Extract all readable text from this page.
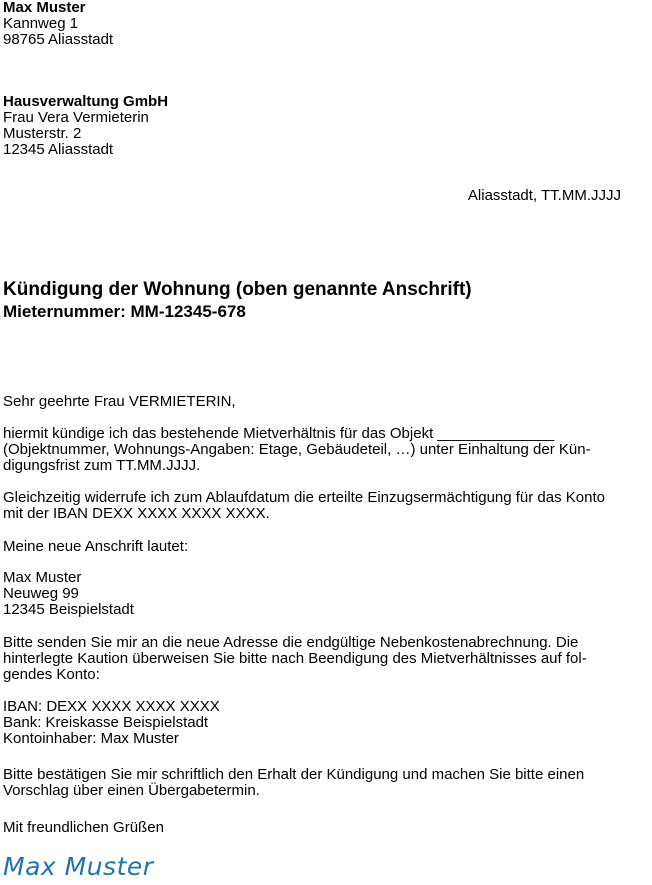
Max Muster
Kannweg 1
98765 Aliasstadt
Hausverwaltung GmbH
Frau Vera Vermieterin
Musterstr. 2
12345 Aliasstadt
Aliasstadt, TT.MM.JJJJ
Kündigung der Wohnung (oben genannte Anschrift)
Mieternummer: MM-12345-678
Sehr geehrte Frau VERMIETERIN,
hiermit kündige ich das bestehende Mietverhältnis für das Objekt ______________
(Objektnummer, Wohnungs-Angaben: Etage, Gebäudeteil, …) unter Einhaltung der Kün-
digungsfrist zum TT.MM.JJJJ.
Gleichzeitig widerrufe ich zum Ablaufdatum die erteilte Einzugsermächtigung für das Konto
mit der IBAN DEXX XXXX XXXX XXXX.
Meine neue Anschrift lautet:
Max Muster
Neuweg 99
12345 Beispielstadt
Bitte senden Sie mir an die neue Adresse die endgültige Nebenkostenabrechnung. Die
hinterlegte Kaution überweisen Sie bitte nach Beendigung des Mietverhältnisses auf fol-
gendes Konto:
IBAN: DEXX XXXX XXXX XXXX
Bank: Kreiskasse Beispielstadt
Kontoinhaber: Max Muster
Bitte bestätigen Sie mir schriftlich den Erhalt der Kündigung und machen Sie bitte einen
Vorschlag über einen Übergabetermin.
Mit freundlichen Grüßen
Max Muster
